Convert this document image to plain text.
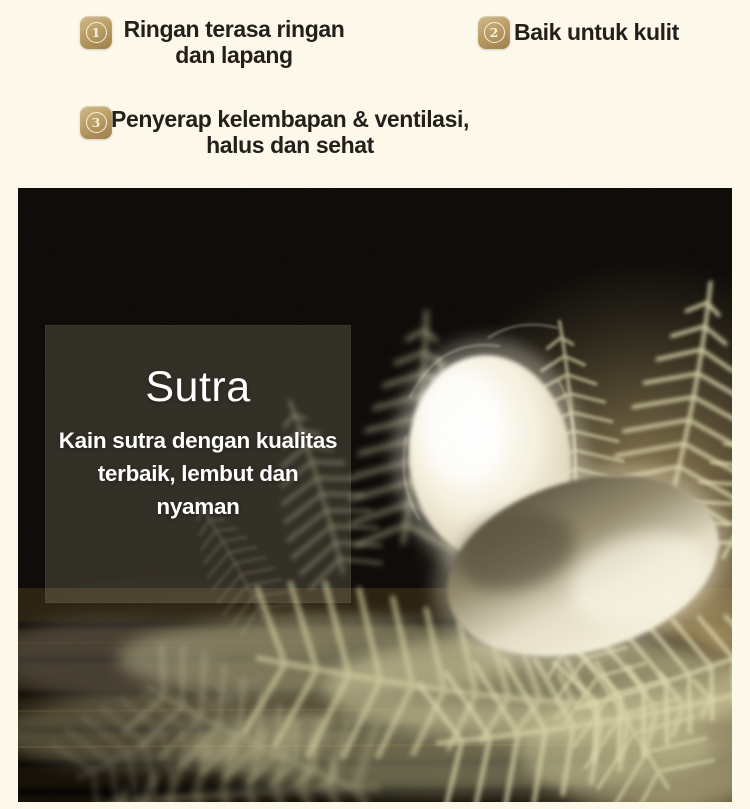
1	Ringan terasa ringan
dan lapang
2 Baik untuk kulit
3 Penyerap kelembapan & ventilasi,
halus dan sehat
Sutra
Kain sutra dengan kualitas
terbaik, lembut dan
nyaman
